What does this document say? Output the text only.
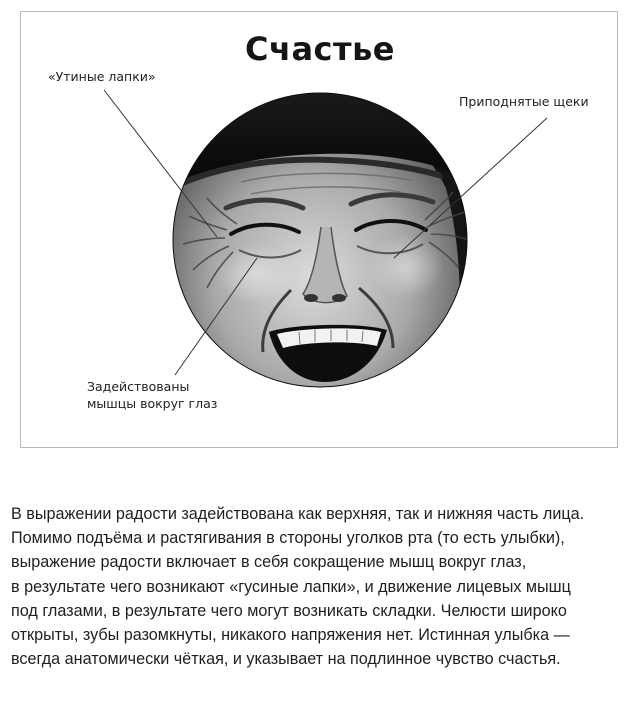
Счастье
«Утиные лапки»
Приподнятые щеки
Задействованы
мышцы вокруг глаз

В выражении радости задействована как верхняя, так и нижняя часть лица.

Помимо подъёма и растягивания в стороны уголков рта (то есть улыбки),

выражение радости включает в себя сокращение мышц вокруг глаз,

в результате чего возникают «гусиные лапки», и движение лицевых мышц

под глазами, в результате чего могут возникать складки. Челюсти широко

открыты, зубы разомкнуты, никакого напряжения нет. Истинная улыбка —

всегда анатомически чёткая, и указывает на подлинное чувство счастья.
